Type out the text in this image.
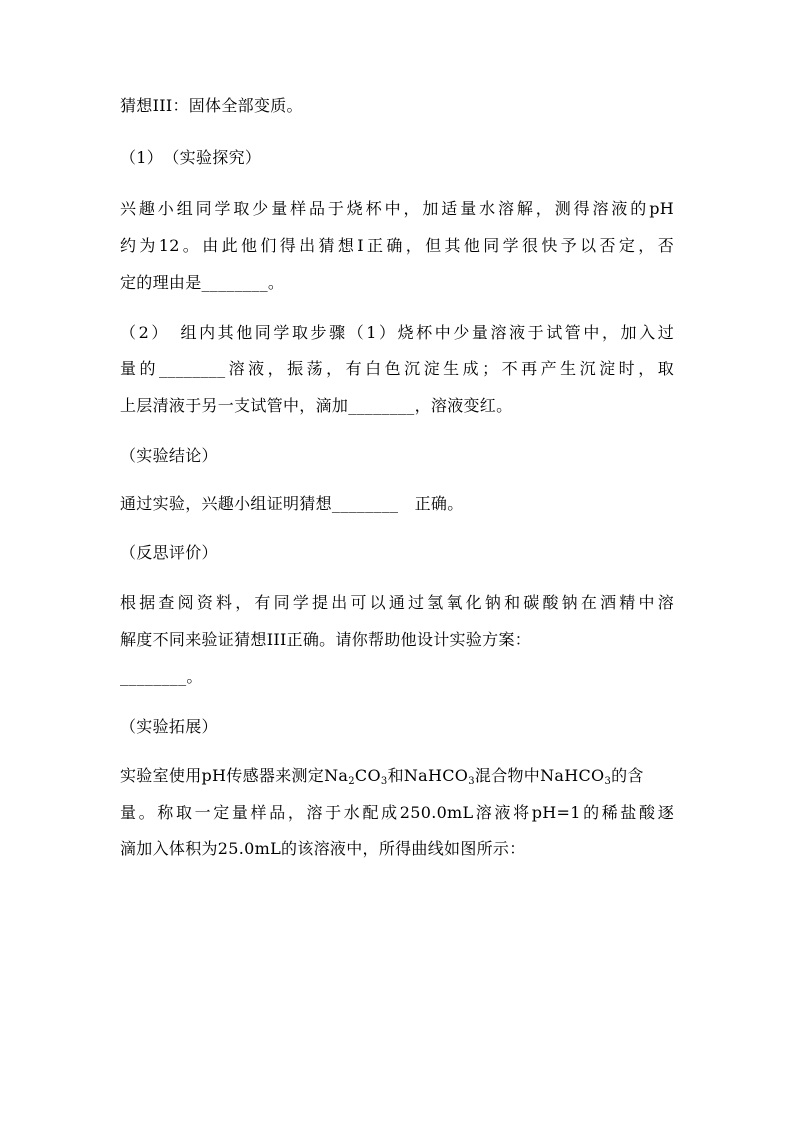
猜想III：固体全部变质。
（1）　（实验探究）
兴趣小组同学取少量样品于烧杯中，加适量水溶解，测得溶液的pH
约为12。由此他们得出猜想Ⅰ正确，但其他同学很快予以否定，否
定的理由是________。
（2）　组内其他同学取步骤（1）烧杯中少量溶液于试管中，加入过
量的________溶液，振荡，有白色沉淀生成；不再产生沉淀时，取
上层清液于另一支试管中，滴加________，溶液变红。
（实验结论）
通过实验，兴趣小组证明猜想________　正确。
（反思评价）
根据查阅资料，有同学提出可以通过氢氧化钠和碳酸钠在酒精中溶
解度不同来验证猜想III正确。请你帮助他设计实验方案：
________。
（实验拓展）
实验室使用pH传感器来测定$Na_2CO_3$和NaHCO$_3$混合物中NaHCO$_3$的含
量。称取一定量样品，溶于水配成250.0mL溶液将pH=1的稀盐酸逐
滴加入体积为25.0mL的该溶液中，所得曲线如图所示：
